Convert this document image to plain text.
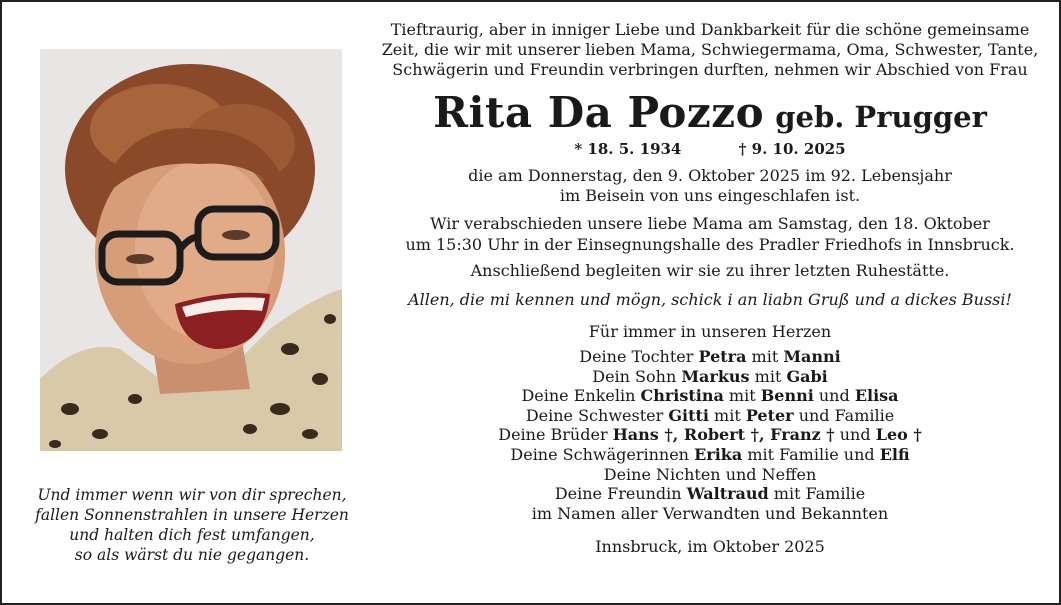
Und immer wenn wir von dir sprechen,
fallen Sonnenstrahlen in unsere Herzen
und halten dich fest umfangen,
so als wärst du nie gegangen.
Tieftraurig, aber in inniger Liebe und Dankbarkeit für die schöne gemeinsame
Zeit, die wir mit unserer lieben Mama, Schwiegermama, Oma, Schwester, Tante,
Schwägerin und Freundin verbringen durften, nehmen wir Abschied von Frau
Rita Da Pozzo geb. Prugger
* 18. 5. 1934	† 9. 10. 2025
die am Donnerstag, den 9. Oktober 2025 im 92. Lebensjahr
im Beisein von uns eingeschlafen ist.
Wir verabschieden unsere liebe Mama am Samstag, den 18. Oktober
um 15:30 Uhr in der Einsegnungshalle des Pradler Friedhofs in Innsbruck.
Anschließend begleiten wir sie zu ihrer letzten Ruhestätte.
Allen, die mi kennen und mögn, schick i an liabn Gruß und a dickes Bussi!
Für immer in unseren Herzen
Deine Tochter Petra mit Manni
Dein Sohn Markus mit Gabi
Deine Enkelin Christina mit Benni und Elisa
Deine Schwester Gitti mit Peter und Familie
Deine Brüder Hans †, Robert †, Franz † und Leo †
Deine Schwägerinnen Erika mit Familie und Elfi
Deine Nichten und Neffen
Deine Freundin Waltraud mit Familie
im Namen aller Verwandten und Bekannten
Innsbruck, im Oktober 2025
